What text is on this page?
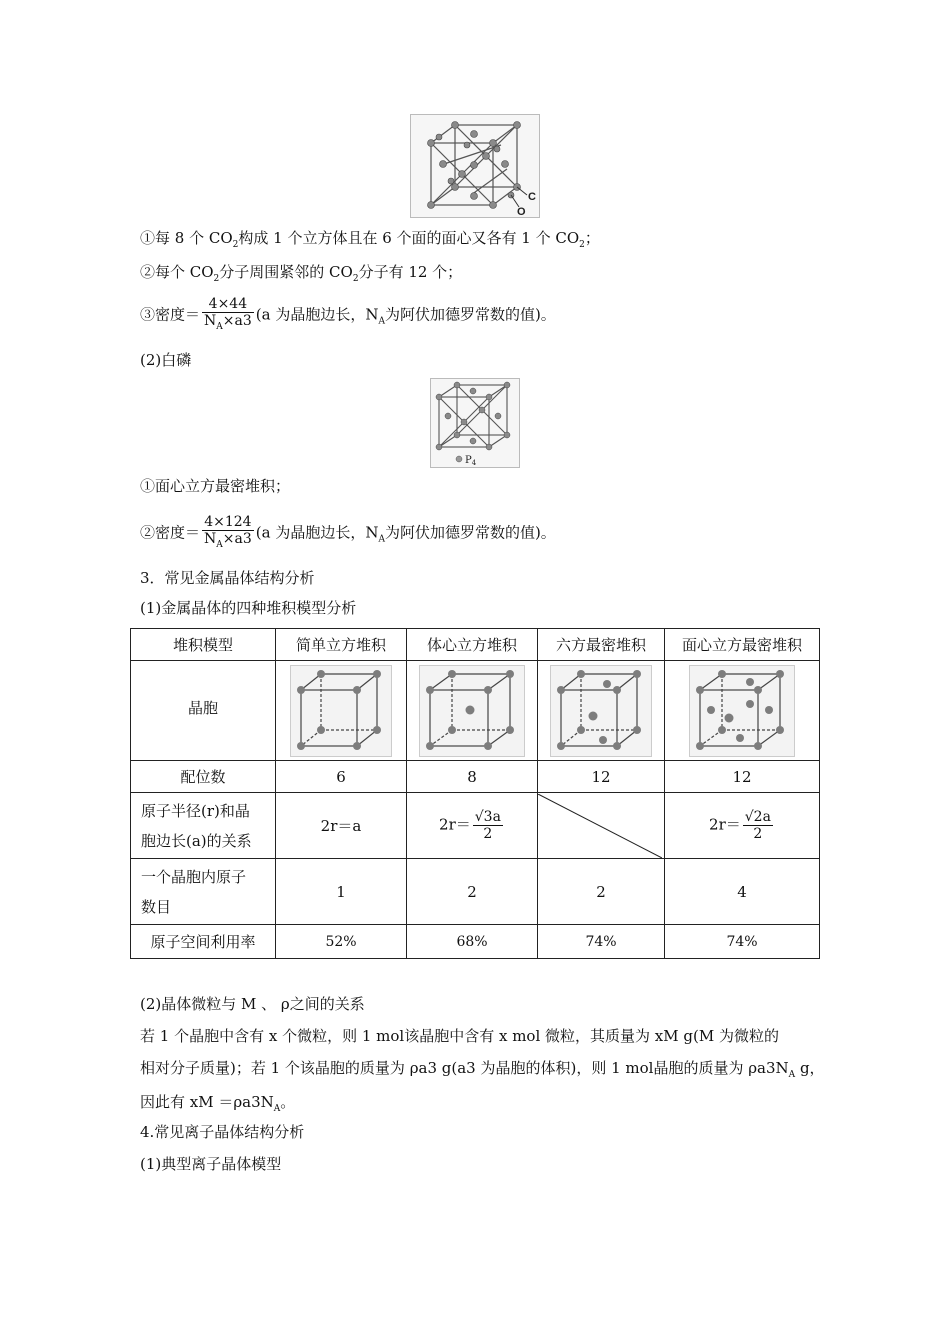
C
O
①每 8 个 $CO_2$构成 1 个立方体且在 6 个面的面心又各有 1 个 $CO_2$；
②每个 $CO_2$分子周围紧邻的 $CO_2$分子有 12 个；
③密度＝ $\frac{4\times 44}{N_A\times a3} (a$ 为晶胞边长，$N_A$为阿伏加德罗常数的值)。
(2)白磷
$P_4$
①面心立方最密堆积；
②密度＝ $\frac{4\times 124}{N_A\times a3} (a$ 为晶胞边长，$N_A$为阿伏加德罗常数的值)。
3．常见金属晶体结构分析
(1)金属晶体的四种堆积模型分析
堆积模型	简单立方堆积	体心立方堆积	六方最密堆积	面心立方最密堆积
晶胞				
配位数	6	8	12	12
原子半径(r)和晶
胞边长(a)的关系	2r＝a	$2r= \frac{√3a}{2}$		$2r= \frac{√2a}{2}$

一个晶胞内原子
数目	1	2	2	4
原子空间利用率	52%	68%	74%	74%
(2)晶体微粒与 M 、 ρ之间的关系
若 1 个晶胞中含有 x 个微粒，则 1 mol该晶胞中含有 x mol 微粒，其质量为 xM g(M 为微粒的
相对分子质量)；若 1 个该晶胞的质量为 ρa3 g(a3 为晶胞的体积)，则 1 mol晶胞的质量为 $\rho a3N_A$ g，
因此有 xM $=\rho a3N_A$。
4.常见离子晶体结构分析
(1)典型离子晶体模型
